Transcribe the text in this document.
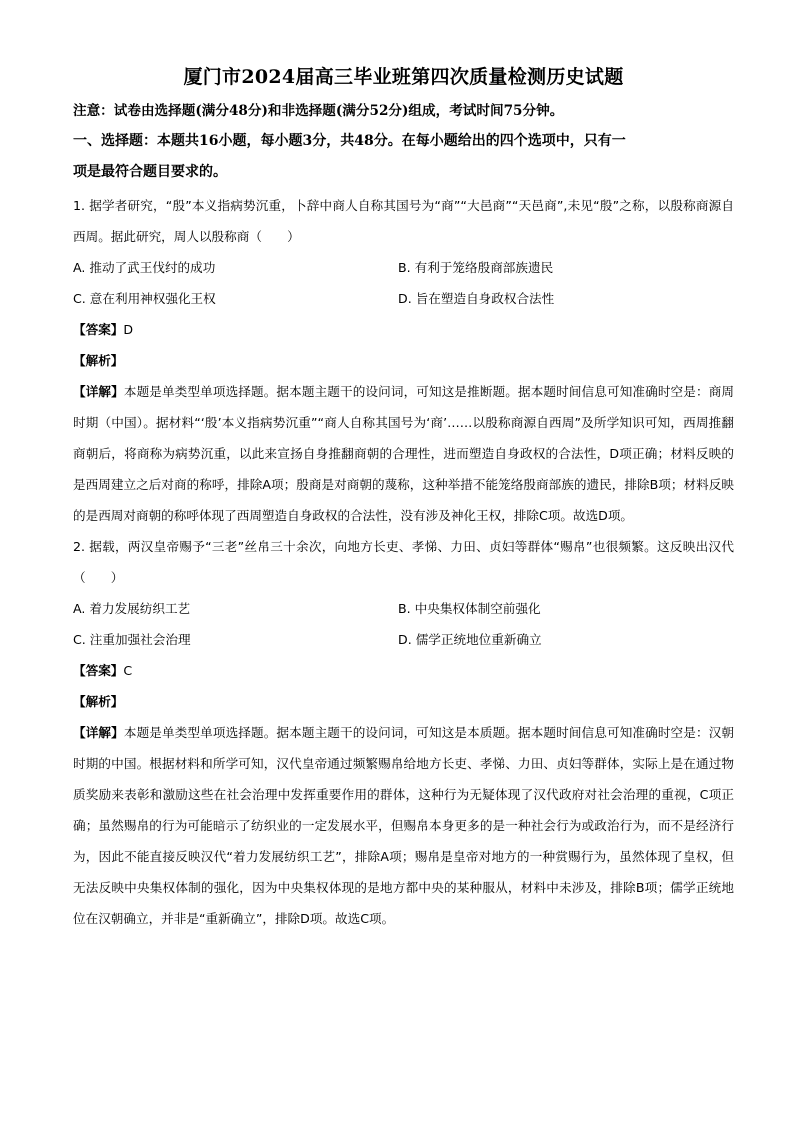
厦门市2024届高三毕业班第四次质量检测历史试题

注意：试卷由选择题(满分48分)和非选择题(满分52分)组成，考试时间75分钟。

一、选择题：本题共16小题，每小题3分，共48分。在每小题给出的四个选项中，只有一
项是最符合题目要求的。

1. 据学者研究，“殷”本义指病势沉重，卜辞中商人自称其国号为“商”“大邑商”“天邑商”,未见“殷”之称，以殷称商源自西周。据此研究，周人以殷称商（　　）

A. 推动了武王伐纣的成功	B. 有利于笼络殷商部族遗民
C. 意在利用神权强化王权	D. 旨在塑造自身政权合法性

【答案】D

【解析】

【详解】本题是单类型单项选择题。据本题主题干的设问词，可知这是推断题。据本题时间信息可知准确时空是：商周时期（中国）。据材料“‘殷’本义指病势沉重”“商人自称其国号为‘商’……以殷称商源自西周”及所学知识可知，西周推翻商朝后，将商称为病势沉重，以此来宣扬自身推翻商朝的合理性，进而塑造自身政权的合法性，D项正确；材料反映的是西周建立之后对商的称呼，排除A项；殷商是对商朝的蔑称，这种举措不能笼络殷商部族的遗民，排除B项；材料反映的是西周对商朝的称呼体现了西周塑造自身政权的合法性，没有涉及神化王权，排除C项。故选D项。

2. 据载，两汉皇帝赐予“三老”丝帛三十余次，向地方长吏、孝悌、力田、贞妇等群体“赐帛”也很频繁。这反映出汉代（　　）

A. 着力发展纺织工艺	B. 中央集权体制空前强化
C. 注重加强社会治理	D. 儒学正统地位重新确立

【答案】C

【解析】

【详解】本题是单类型单项选择题。据本题主题干的设问词，可知这是本质题。据本题时间信息可知准确时空是：汉朝时期的中国。根据材料和所学可知，汉代皇帝通过频繁赐帛给地方长吏、孝悌、力田、贞妇等群体，实际上是在通过物质奖励来表彰和激励这些在社会治理中发挥重要作用的群体，这种行为无疑体现了汉代政府对社会治理的重视，C项正确；虽然赐帛的行为可能暗示了纺织业的一定发展水平，但赐帛本身更多的是一种社会行为或政治行为，而不是经济行为，因此不能直接反映汉代“着力发展纺织工艺”，排除A项；赐帛是皇帝对地方的一种赏赐行为，虽然体现了皇权，但无法反映中央集权体制的强化，因为中央集权体现的是地方都中央的某种服从，材料中未涉及，排除B项；儒学正统地位在汉朝确立，并非是“重新确立”，排除D项。故选C项。
